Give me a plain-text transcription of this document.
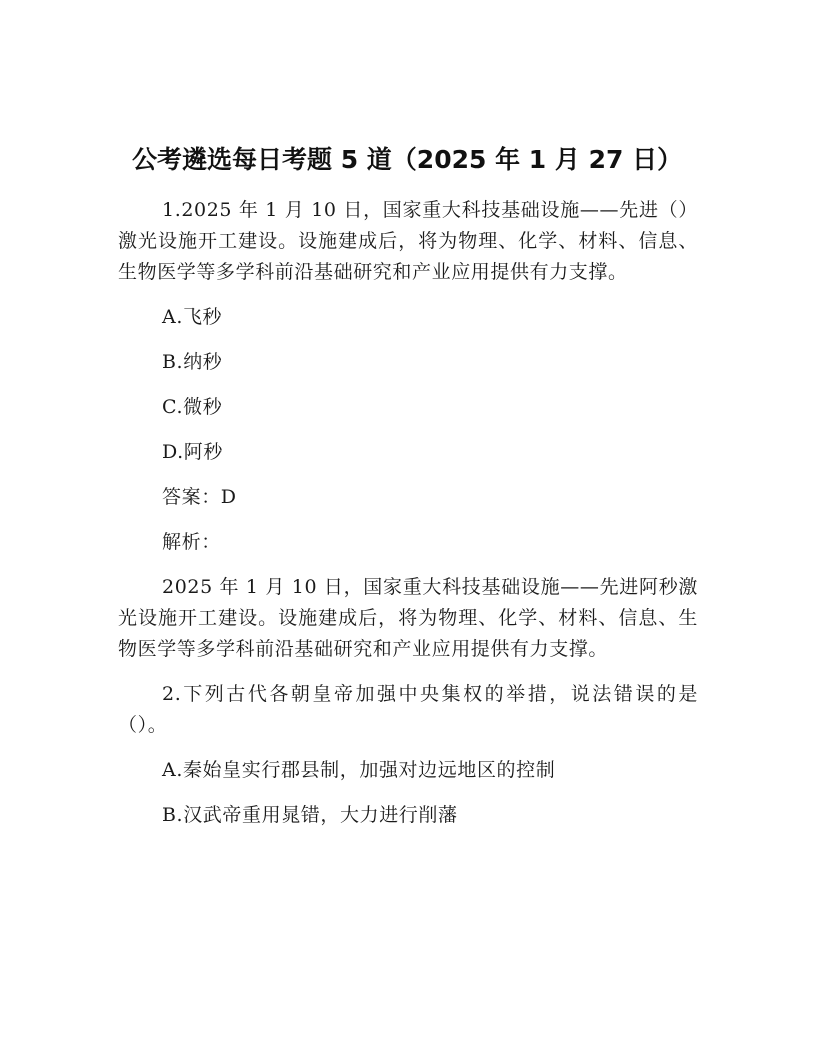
公考遴选每日考题 5 道（2025 年 1 月 27 日）

1.2025 年 1 月 10 日，国家重大科技基础设施——先进（）激光设施开工建设。设施建成后，将为物理、化学、材料、信息、生物医学等多学科前沿基础研究和产业应用提供有力支撑。

A.飞秒

B.纳秒

C.微秒

D.阿秒

答案：D

解析：

2025 年 1 月 10 日，国家重大科技基础设施——先进阿秒激光设施开工建设。设施建成后，将为物理、化学、材料、信息、生物医学等多学科前沿基础研究和产业应用提供有力支撑。

2.下列古代各朝皇帝加强中央集权的举措，说法错误的是（）。

A.秦始皇实行郡县制，加强对边远地区的控制

B.汉武帝重用晁错，大力进行削藩
